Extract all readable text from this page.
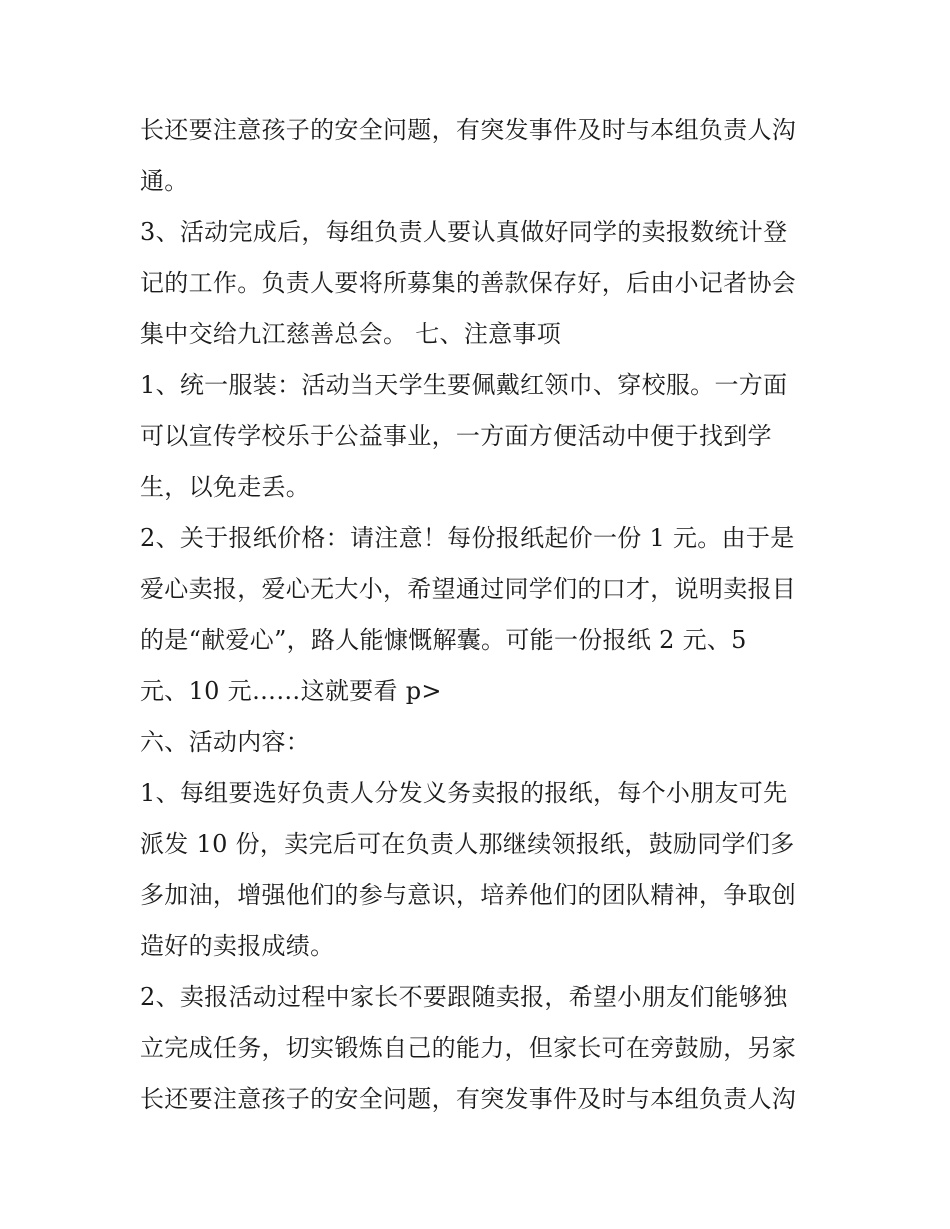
长还要注意孩子的安全问题，有突发事件及时与本组负责人沟
通。
3、活动完成后，每组负责人要认真做好同学的卖报数统计登
记的工作。负责人要将所募集的善款保存好，后由小记者协会
集中交给九江慈善总会。 七、注意事项
1、统一服装：活动当天学生要佩戴红领巾、穿校服。一方面
可以宣传学校乐于公益事业，一方面方便活动中便于找到学
生，以免走丢。
2、关于报纸价格：请注意！每份报纸起价一份 1 元。由于是
爱心卖报，爱心无大小，希望通过同学们的口才，说明卖报目
的是“献爱心”，路人能慷慨解囊。可能一份报纸 2 元、5
元、10 元……这就要看 p>
六、活动内容：
1、每组要选好负责人分发义务卖报的报纸，每个小朋友可先
派发 10 份，卖完后可在负责人那继续领报纸，鼓励同学们多
多加油，增强他们的参与意识，培养他们的团队精神，争取创
造好的卖报成绩。
2、卖报活动过程中家长不要跟随卖报，希望小朋友们能够独
立完成任务，切实锻炼自己的能力，但家长可在旁鼓励，另家
长还要注意孩子的安全问题，有突发事件及时与本组负责人沟
